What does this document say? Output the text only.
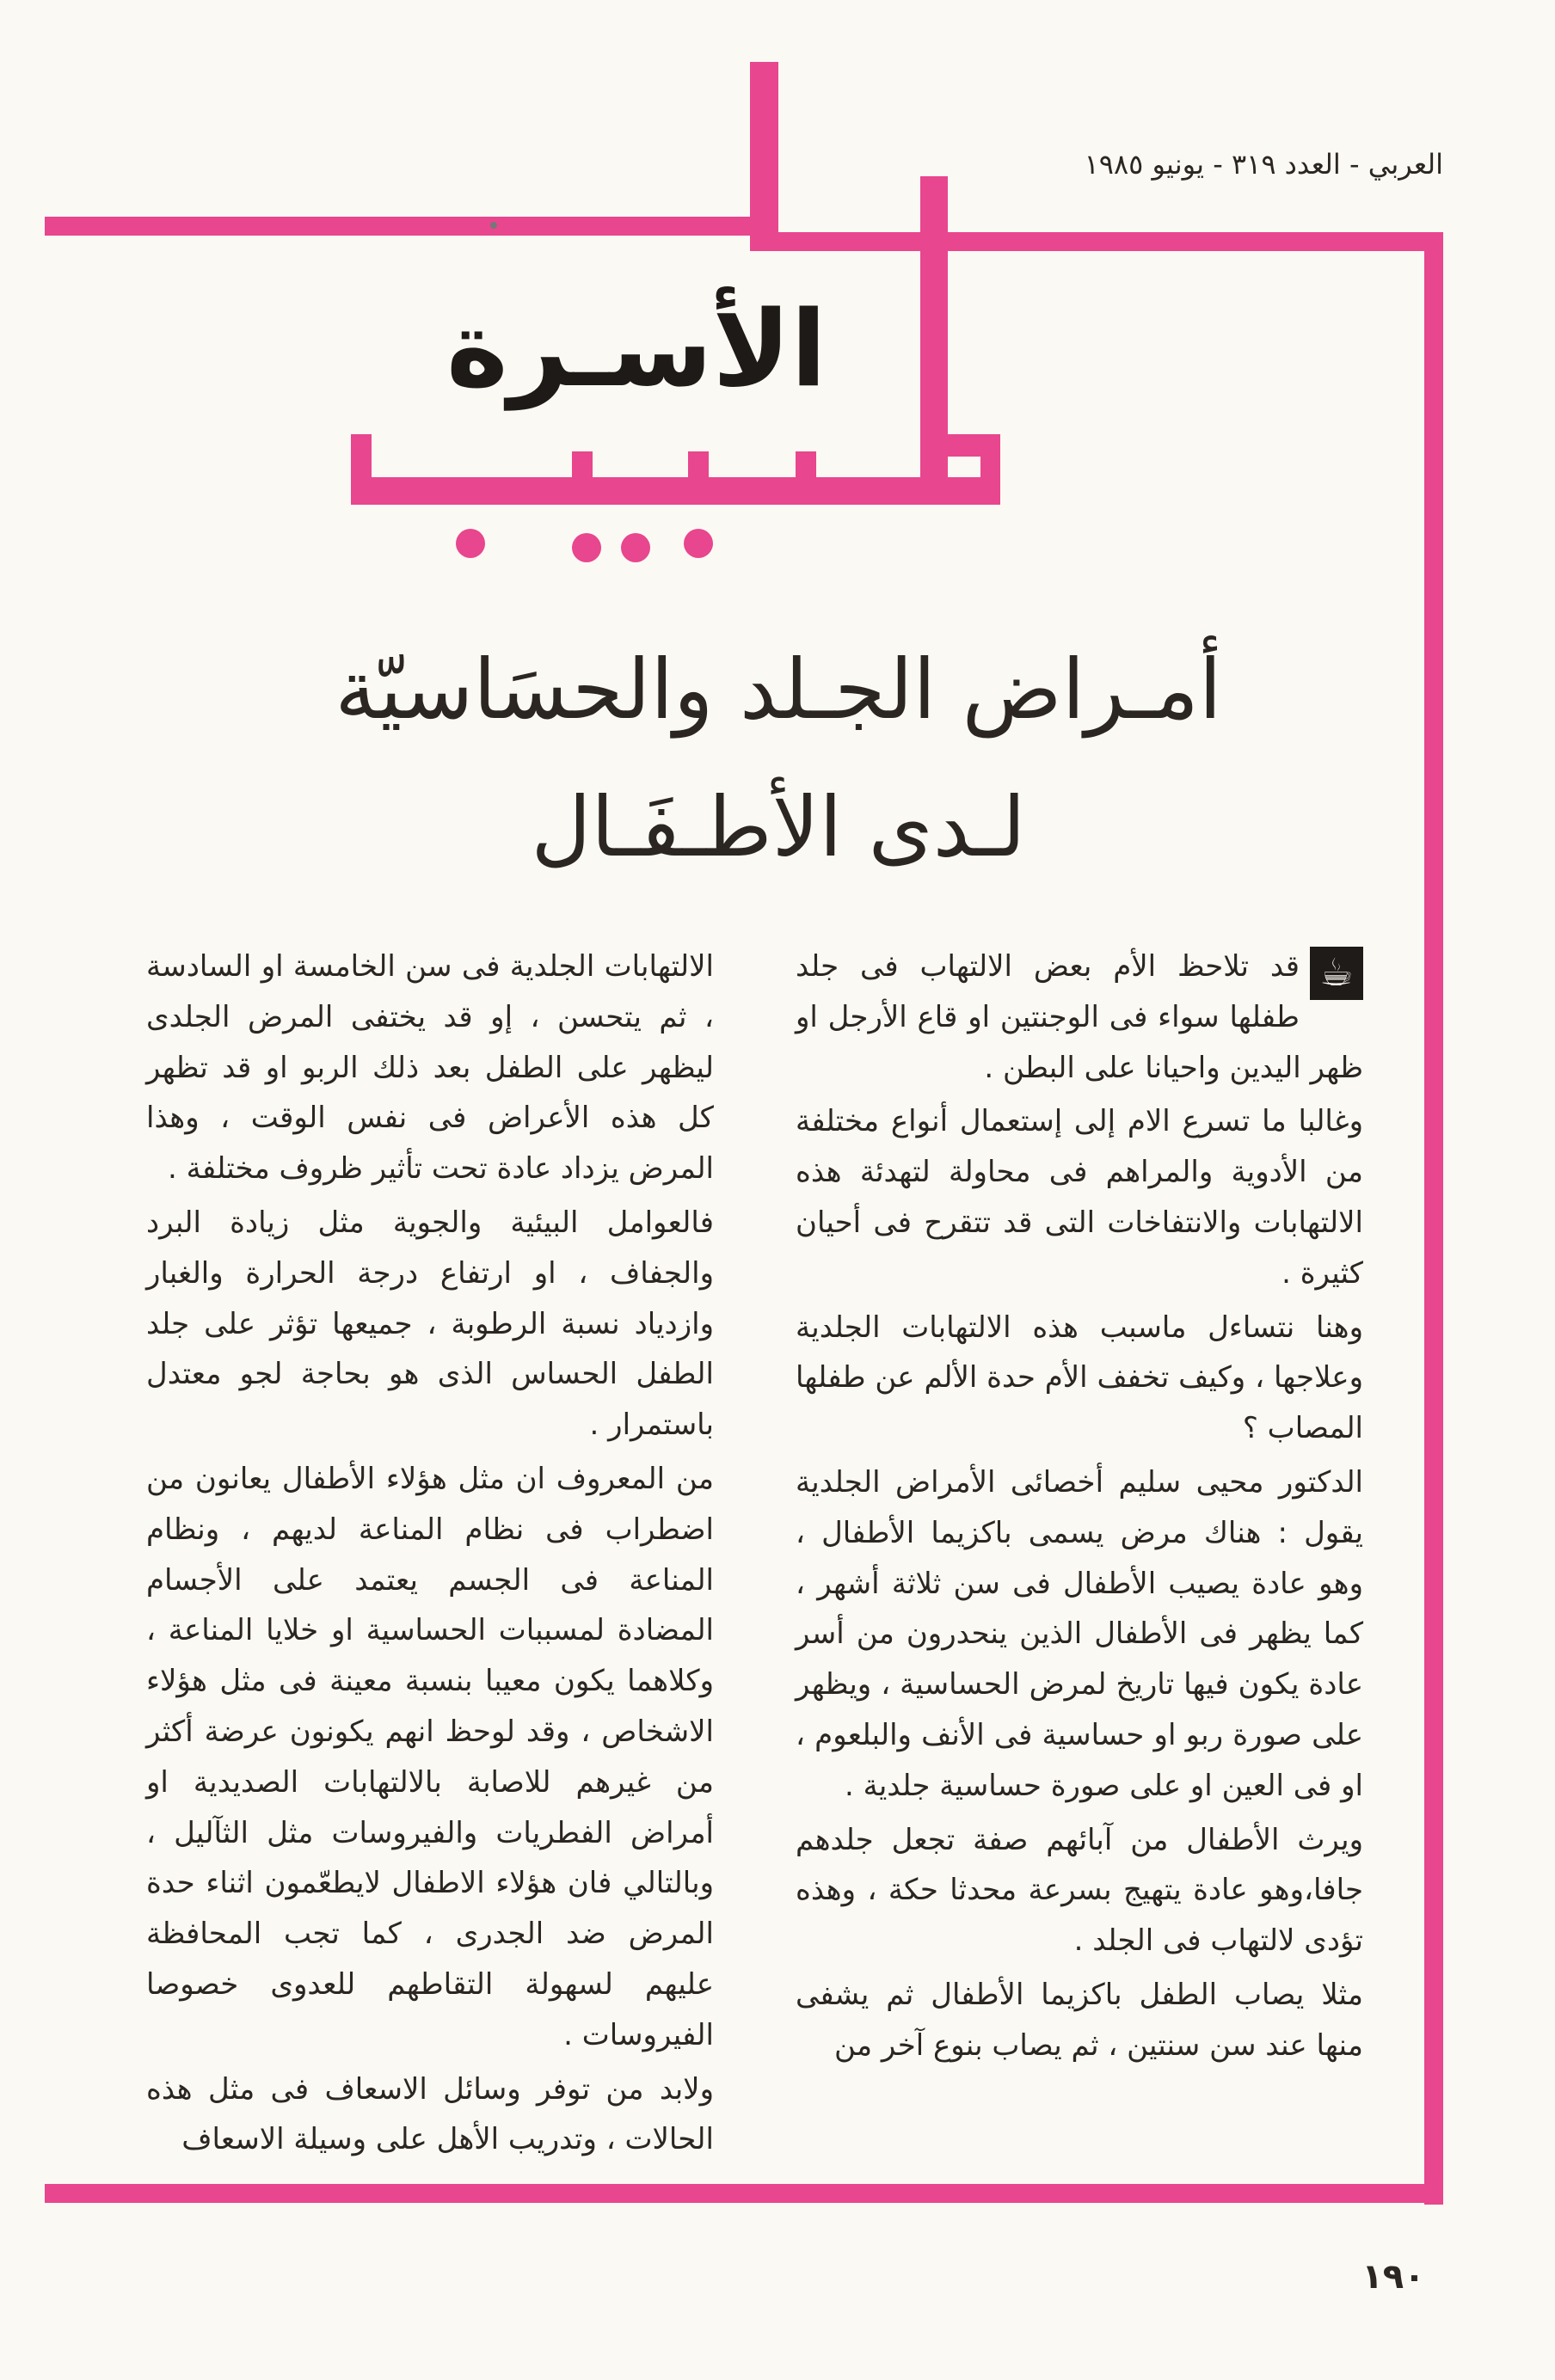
العربي - العدد ٣١٩ - يونيو ١٩٨٥
الأسـرة
أمـراض الجـلد والحسَاسيّة
لـدى الأطـفَـال

☕
قد تلاحظ الأم بعض الالتهاب فى جلد طفلها سواء فى الوجنتين او قاع الأرجل او ظهر اليدين واحيانا على البطن .

وغالبا ما تسرع الام إلى إستعمال أنواع مختلفة من الأدوية والمراهم فى محاولة لتهدئة هذه الالتهابات والانتفاخات التى قد تتقرح فى أحيان كثيرة .

وهنا نتساءل ماسبب هذه الالتهابات الجلدية وعلاجها ، وكيف تخفف الأم حدة الألم عن طفلها المصاب ؟

الدكتور محيى سليم أخصائى الأمراض الجلدية يقول : هناك مرض يسمى باكزيما الأطفال ، وهو عادة يصيب الأطفال فى سن ثلاثة أشهر ، كما يظهر فى الأطفال الذين ينحدرون من أسر عادة يكون فيها تاريخ لمرض الحساسية ، ويظهر على صورة ربو او حساسية فى الأنف والبلعوم ، او فى العين او على صورة حساسية جلدية .

ويرث الأطفال من آبائهم صفة تجعل جلدهم جافا،وهو عادة يتهيج بسرعة محدثا حكة ، وهذه تؤدى لالتهاب فى الجلد .

مثلا يصاب الطفل باكزيما الأطفال ثم يشفى منها عند سن سنتين ، ثم يصاب بنوع آخر من

الالتهابات الجلدية فى سن الخامسة او السادسة ، ثم يتحسن ، إو قد يختفى المرض الجلدى ليظهر على الطفل بعد ذلك الربو او قد تظهر كل هذه الأعراض فى نفس الوقت ، وهذا المرض يزداد عادة تحت تأثير ظروف مختلفة .

فالعوامل البيئية والجوية مثل زيادة البرد والجفاف ، او ارتفاع درجة الحرارة والغبار وازدياد نسبة الرطوبة ، جميعها تؤثر على جلد الطفل الحساس الذى هو بحاجة لجو معتدل باستمرار .

من المعروف ان مثل هؤلاء الأطفال يعانون من اضطراب فى نظام المناعة لديهم ، ونظام المناعة فى الجسم يعتمد على الأجسام المضادة لمسببات الحساسية او خلايا المناعة ، وكلاهما يكون معيبا بنسبة معينة فى مثل هؤلاء الاشخاص ، وقد لوحظ انهم يكونون عرضة أكثر من غيرهم للاصابة بالالتهابات الصديدية او أمراض الفطريات والفيروسات مثل الثآليل ، وبالتالي فان هؤلاء الاطفال لايطعّمون اثناء حدة المرض ضد الجدرى ، كما تجب المحافظة عليهم لسهولة التقاطهم للعدوى خصوصا الفيروسات .

ولابد من توفر وسائل الاسعاف فى مثل هذه الحالات ، وتدريب الأهل على وسيلة الاسعاف

١٩٠
